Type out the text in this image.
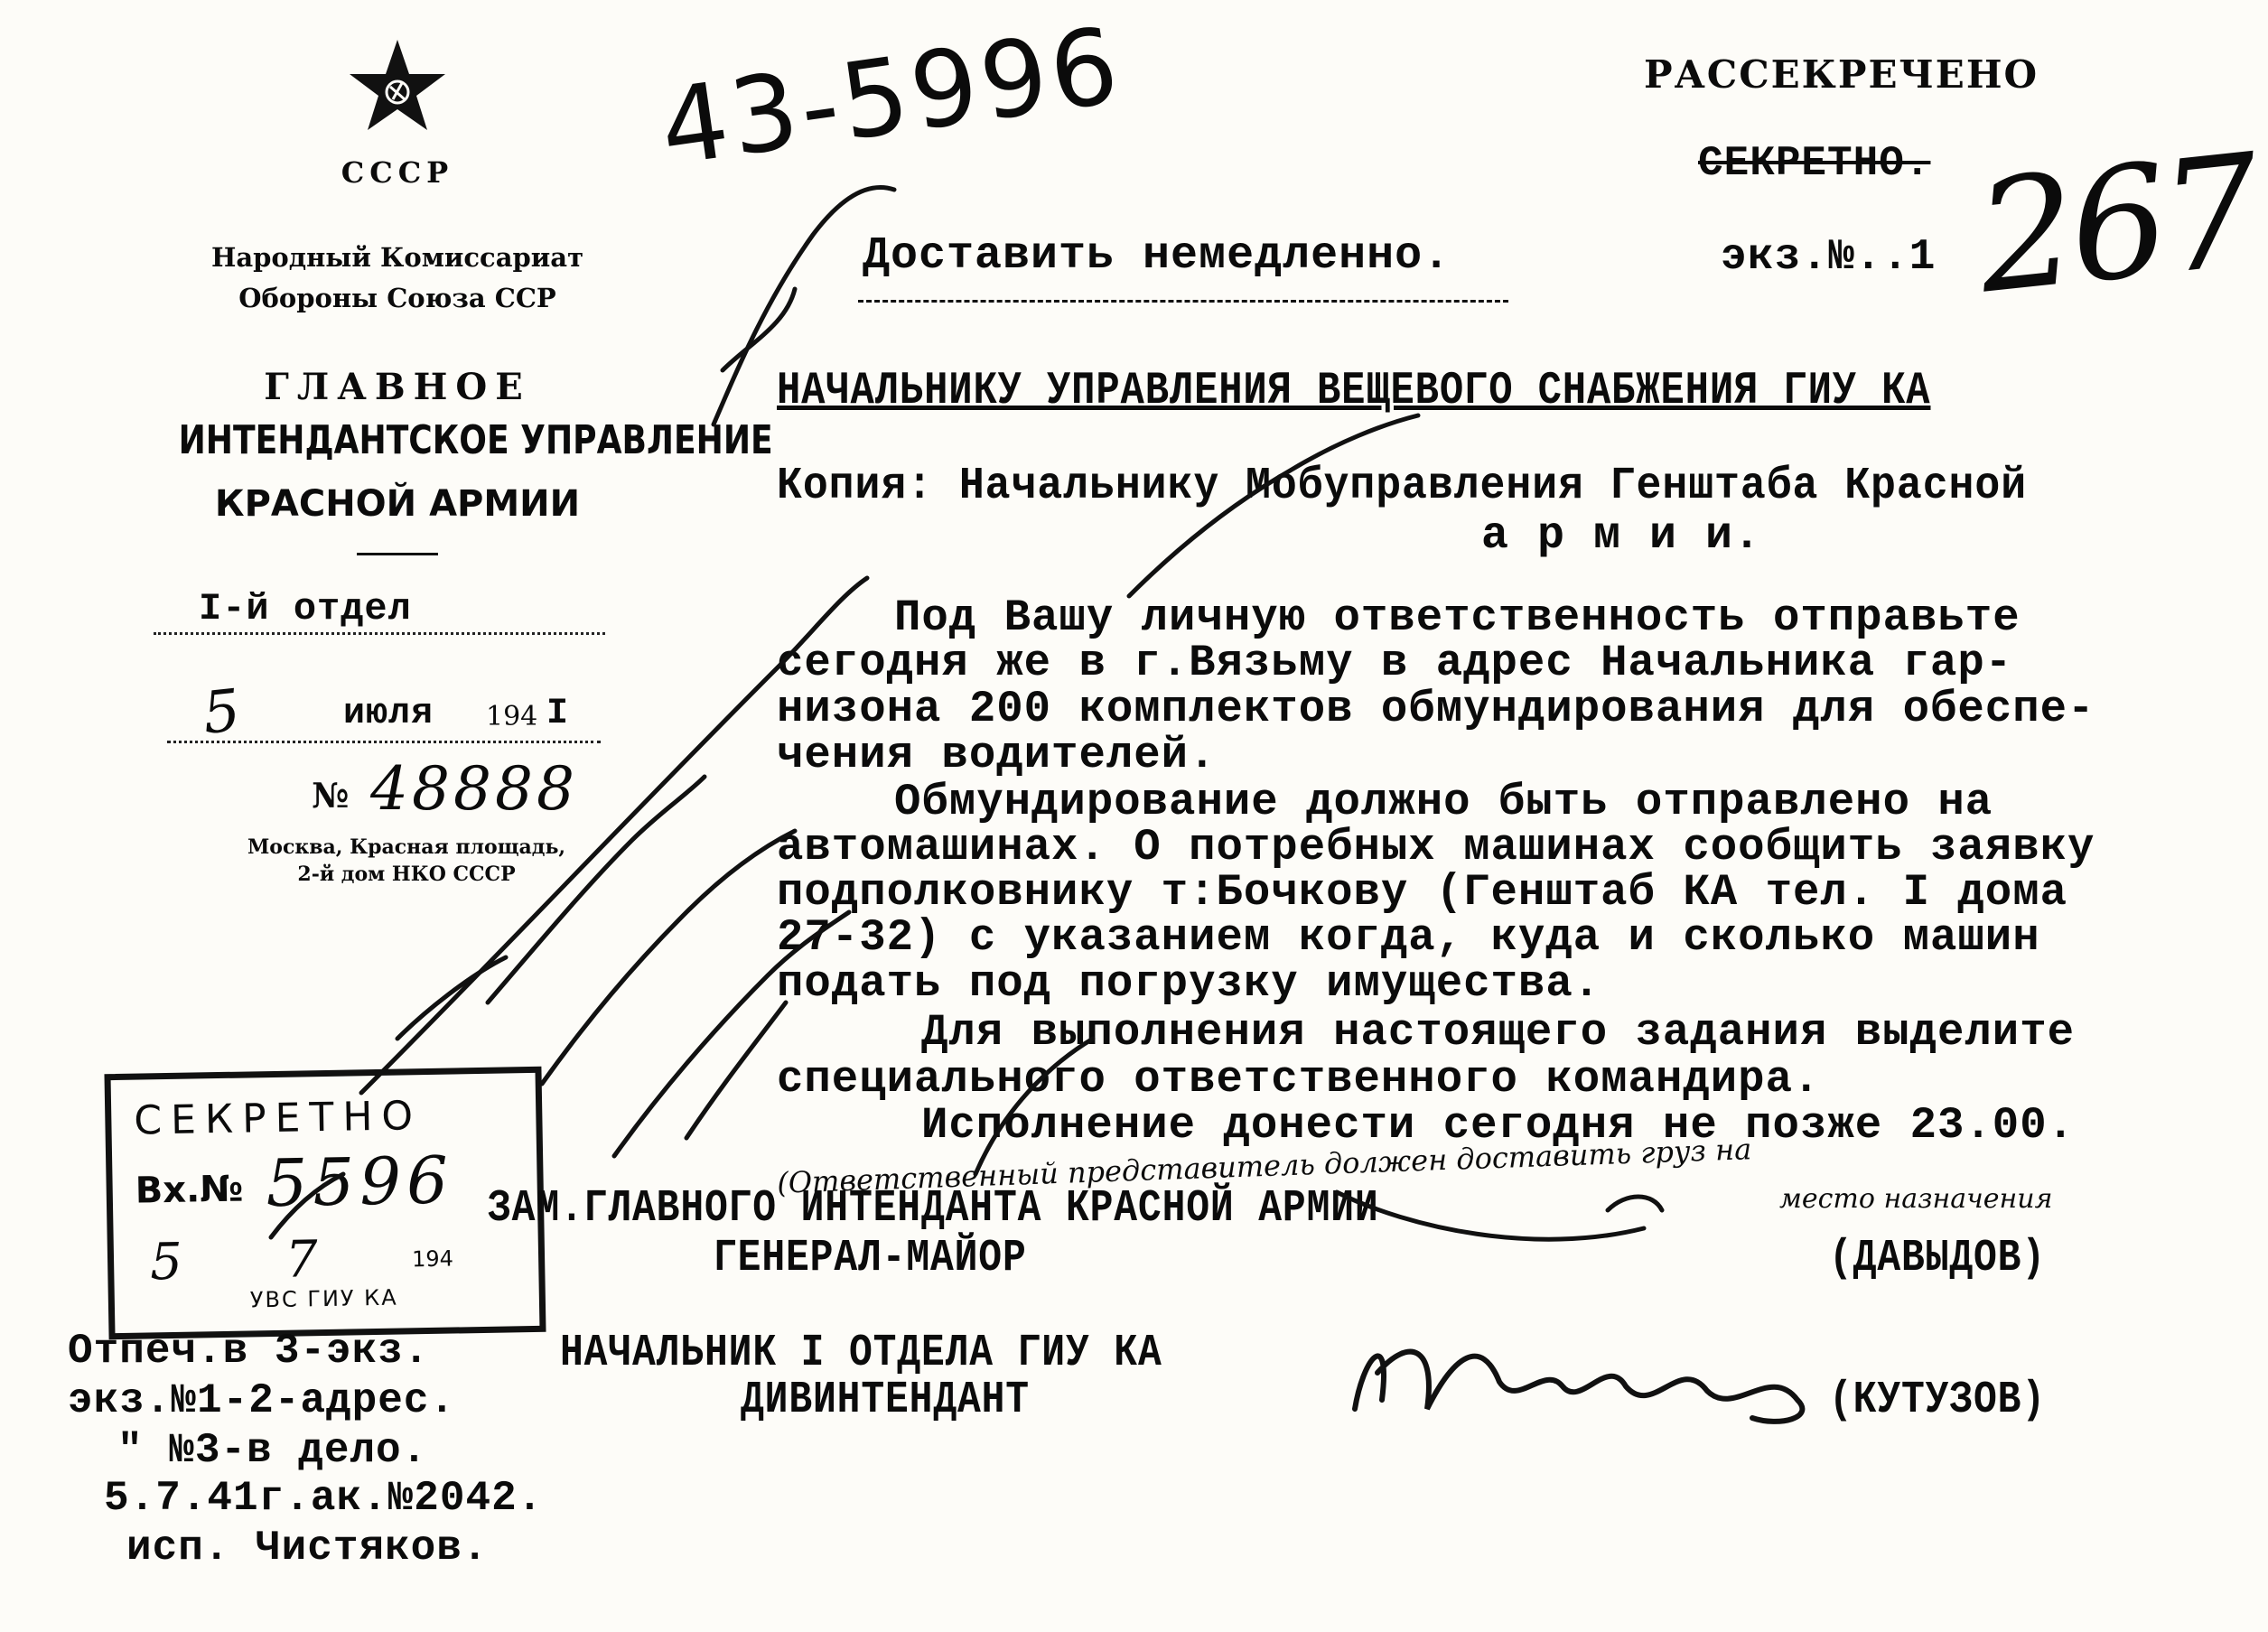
СССР
Народный Комиссариат
Обороны Союза ССР
ГЛАВНОЕ
ИНТЕНДАНТСКОЕ УПРАВЛЕНИЕ
КРАСНОЙ АРМИИ
I-й отдел
5	июля 194 I
№ 48888
Москва, Красная площадь,
2-й дом НКО СССР
РАССЕКРЕЧЕНО
СЕКРЕТНО.
экз.№..1 267
43-5996
Доставить немедленно.
НАЧАЛЬНИКУ УПРАВЛЕНИЯ ВЕЩЕВОГО СНАБЖЕНИЯ ГИУ КА
Копия: Начальнику Мобуправления Генштаба Красной
а р м и и.
Под Вашу личную ответственность отправьте
сегодня же в г.Вязьму в адрес Начальника гар-
низона 200 комплектов обмундирования для обеспе-
чения водителей.
Обмундирование должно быть отправлено на
автомашинах. О потребных машинах сообщить заявку
подполковнику т:Бочкову (Генштаб КА тел. I дома
27-32) с указанием когда, куда и сколько машин
подать под погрузку имущества.
Для выполнения настоящего задания выделите
специального ответственного командира.
Исполнение донести сегодня не позже 23.00.
(Ответственный представитель должен доставить груз на место назначения
СЕКРЕТНО
Вх.№ 5596
5 7	194
УВС ГИУ КА
ЗАМ.ГЛАВНОГО ИНТЕНДАНТА КРАСНОЙ АРМИИ
ГЕНЕРАЛ-МАЙОР	(ДАВЫДОВ)
НАЧАЛЬНИК I ОТДЕЛА ГИУ КА
ДИВИНТЕНДАНТ	(КУТУЗОВ)
Отпеч.в 3-экз.
экз.№1-2-адрес.
" №3-в дело.
5.7.41г.ак.№2042.
исп. Чистяков.
